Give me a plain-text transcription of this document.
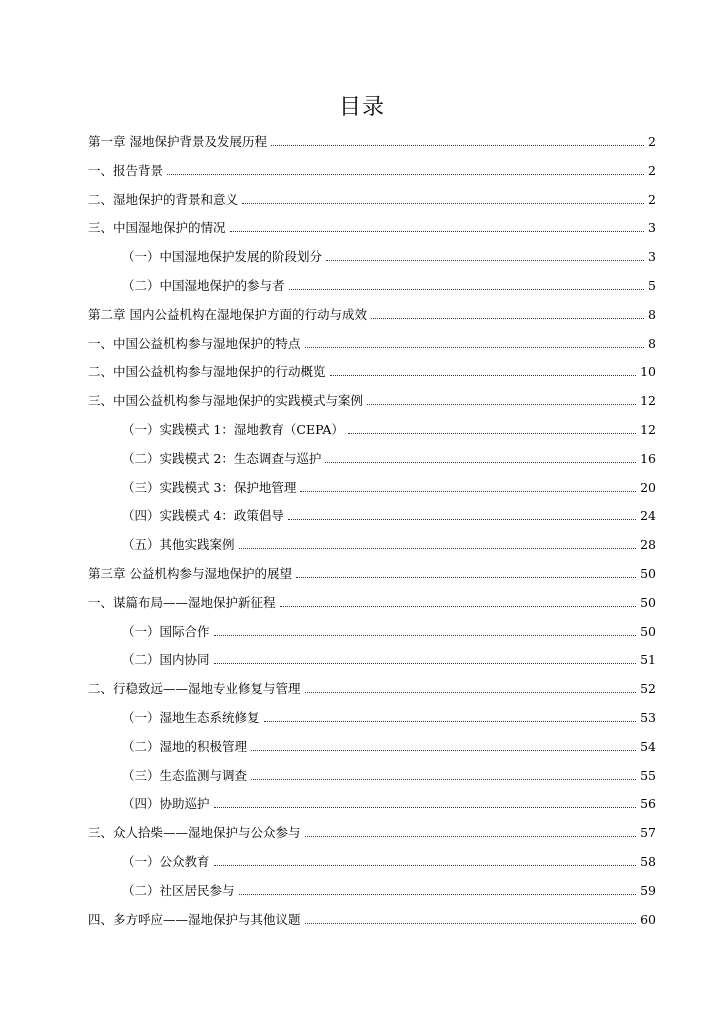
目录
第一章 湿地保护背景及发展历程	2
一、报告背景	2
二、湿地保护的背景和意义	2
三、中国湿地保护的情况	3
（一）中国湿地保护发展的阶段划分	3
（二）中国湿地保护的参与者	5
第二章 国内公益机构在湿地保护方面的行动与成效	8
一、中国公益机构参与湿地保护的特点	8
二、中国公益机构参与湿地保护的行动概览	10
三、中国公益机构参与湿地保护的实践模式与案例	12
（一）实践模式 1：湿地教育（CEPA）	12
（二）实践模式 2：生态调查与巡护	16
（三）实践模式 3：保护地管理	20
（四）实践模式 4：政策倡导	24
（五）其他实践案例	28
第三章 公益机构参与湿地保护的展望	50
一、谋篇布局——湿地保护新征程	50
（一）国际合作	50
（二）国内协同	51
二、行稳致远——湿地专业修复与管理	52
（一）湿地生态系统修复	53
（二）湿地的积极管理	54
（三）生态监测与调查	55
（四）协助巡护	56
三、众人拾柴——湿地保护与公众参与	57
（一）公众教育	58
（二）社区居民参与	59
四、多方呼应——湿地保护与其他议题	60
